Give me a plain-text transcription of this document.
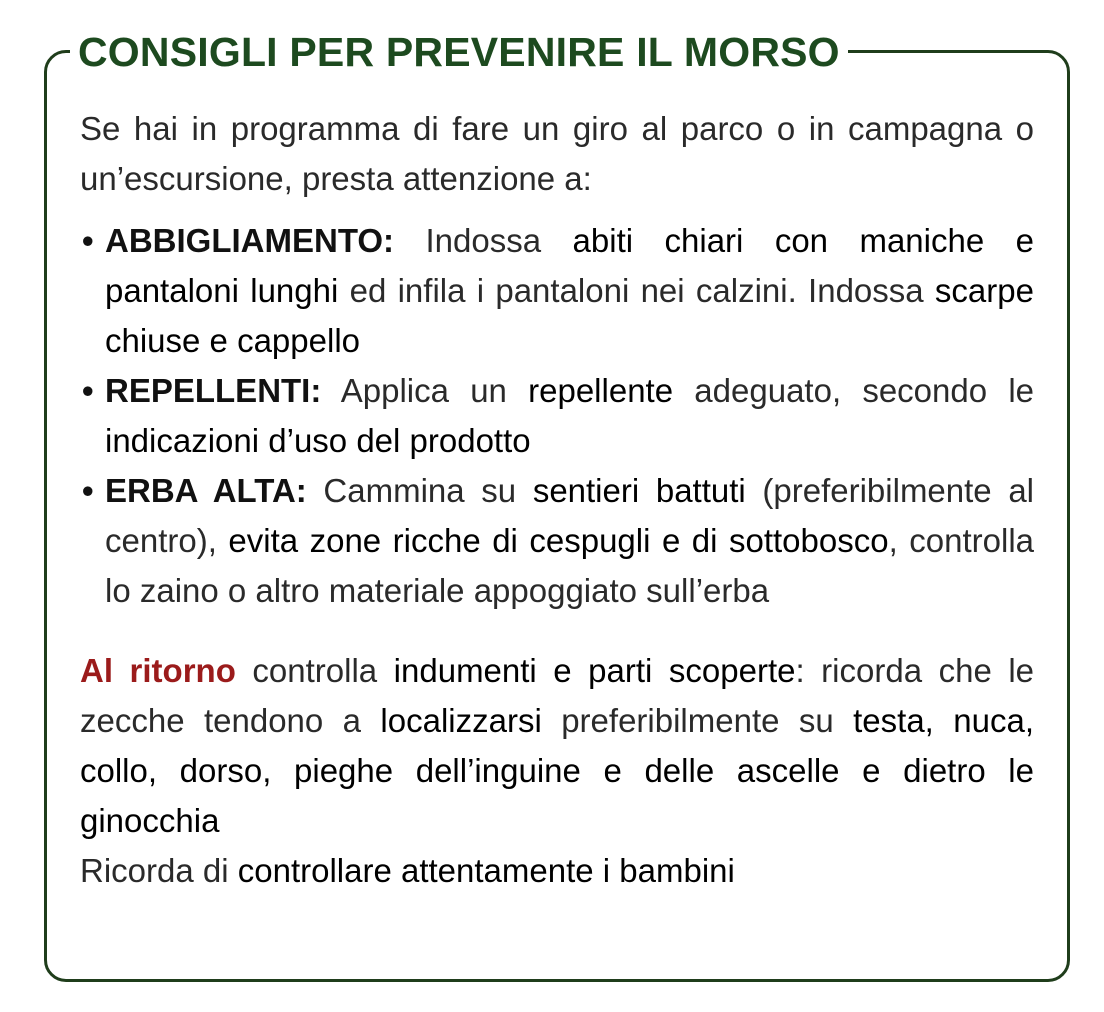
CONSIGLI PER PREVENIRE IL MORSO

Se hai in programma di fare un giro al parco o in campagna o un’escursione, presta attenzione a:

• ABBIGLIAMENTO: Indossa abiti chiari con maniche e pantaloni lunghi ed infila i pantaloni nei calzini. Indossa scarpe chiuse e cappello
• REPELLENTI: Applica un repellente adeguato, secondo le indicazioni d’uso del prodotto
• ERBA ALTA: Cammina su sentieri battuti (preferibilmente al centro), evita zone ricche di cespugli e di sottobosco, controlla lo zaino o altro materiale appoggiato sull’erba

Al ritorno controlla indumenti e parti scoperte: ricorda che le zecche tendono a localizzarsi preferibilmente su testa, nuca, collo, dorso, pieghe dell’inguine e delle ascelle e dietro le ginocchia

Ricorda di controllare attentamente i bambini
